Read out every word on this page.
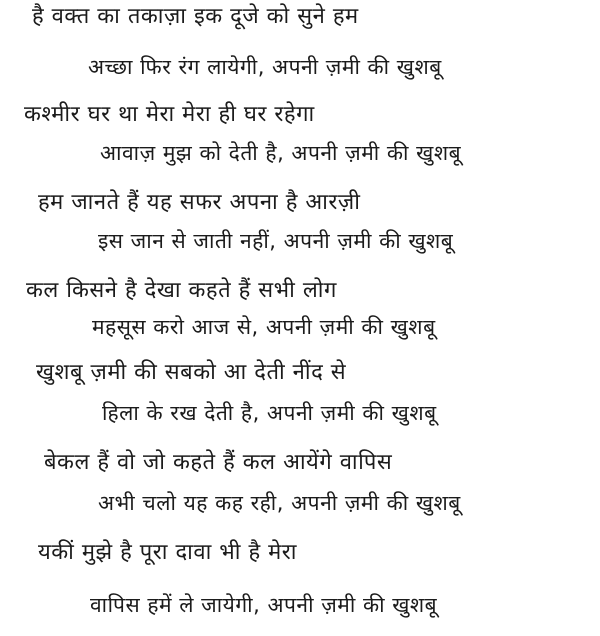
है वक्त का तकाज़ा इक दूजे को सुने हम
अच्छा फिर रंग लायेगी, अपनी ज़मी की खुशबू
कश्मीर घर था मेरा मेरा ही घर रहेगा
आवाज़ मुझ को देती है, अपनी ज़मी की खुशबू
हम जानते हैं यह सफर अपना है आरज़ी
इस जान से जाती नहीं, अपनी ज़मी की खुशबू
कल किसने है देखा कहते हैं सभी लोग
महसूस करो आज से, अपनी ज़मी की खुशबू
खुशबू ज़मी की सबको आ देती नींद से
हिला के रख देती है, अपनी ज़मी की खुशबू
बेकल हैं वो जो कहते हैं कल आयेंगे वापिस
अभी चलो यह कह रही, अपनी ज़मी की खुशबू
यकीं मुझे है पूरा दावा भी है मेरा
वापिस हमें ले जायेगी, अपनी ज़मी की खुशबू
